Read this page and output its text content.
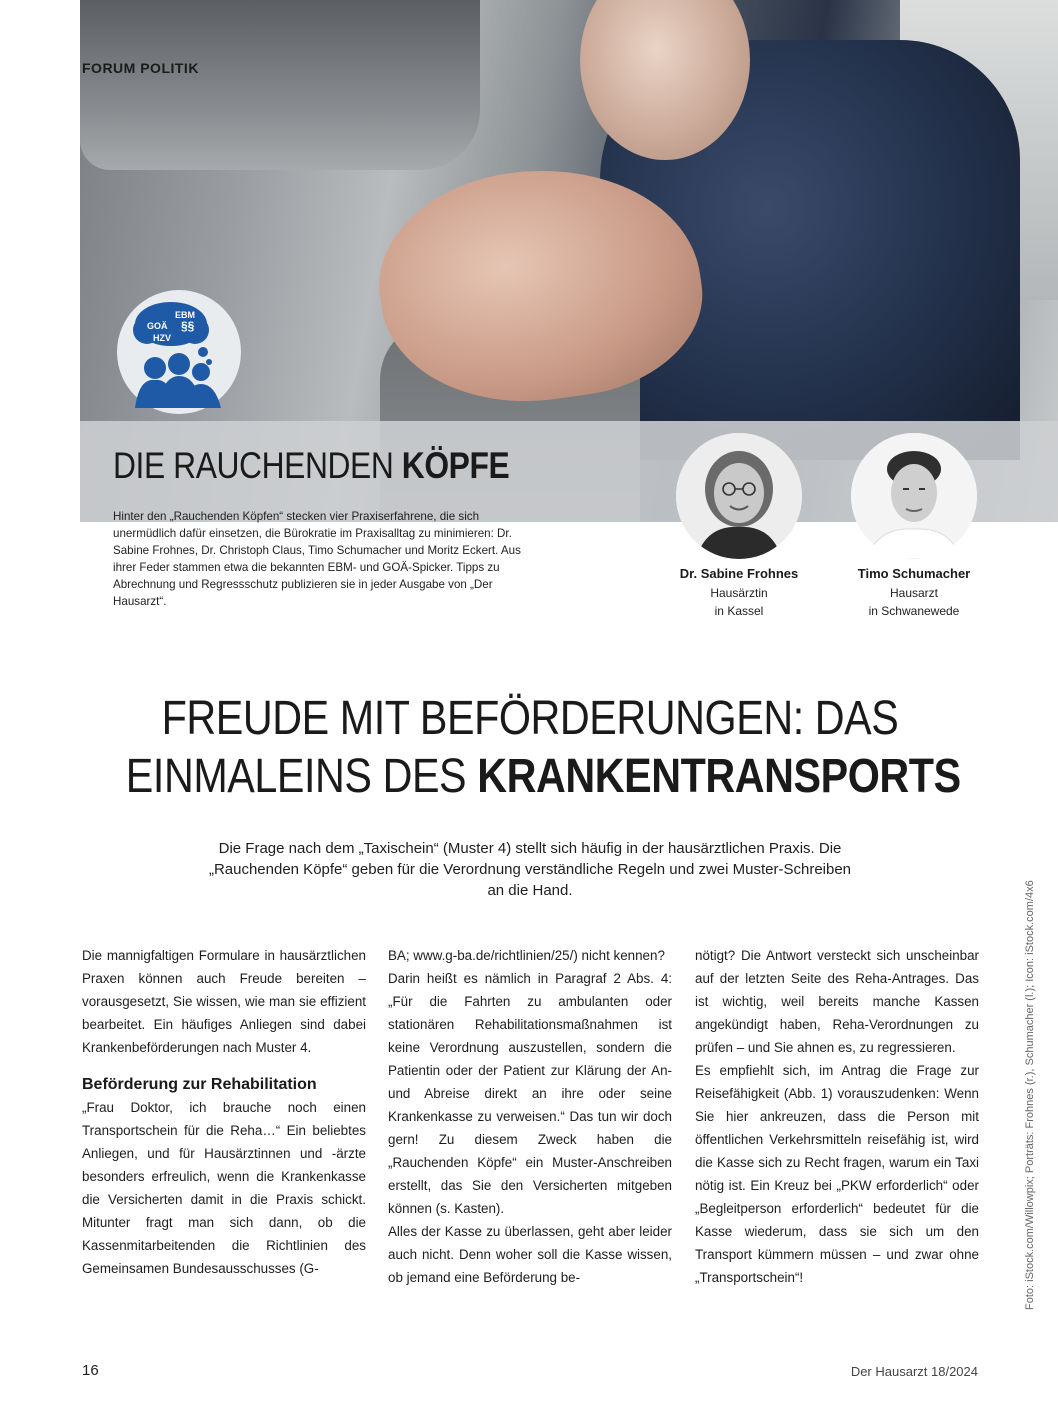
FORUM POLITIK

EBM
GOÄ §§
HZV
DIE RAUCHENDEN KÖPFE

Hinter den „Rauchenden Köpfen“ stecken vier Praxiserfahrene, die sich unermüdlich dafür einsetzen, die Bürokratie im Praxisalltag zu minimieren: Dr. Sabine Frohnes, Dr. Christoph Claus, Timo Schumacher und Moritz Eckert. Aus ihrer Feder stammen etwa die bekannten EBM- und GOÄ-Spicker. Tipps zu Abrechnung und Regressschutz publizieren sie in jeder Ausgabe von „Der Hausarzt“.

Dr. Sabine Frohnes

Hausärztin
in Kassel

Timo Schumacher

Hausarzt
in Schwanewede

FREUDE MIT BEFÖRDERUNGEN: DAS
EINMALEINS DES KRANKENTRANSPORTS

Die Frage nach dem „Taxischein“ (Muster 4) stellt sich häufig in der hausärztlichen Praxis. Die „Rauchenden Köpfe“ geben für die Verordnung verständliche Regeln und zwei Muster-Schreiben an die Hand.

Die mannigfaltigen Formulare in hausärztlichen Praxen können auch Freude bereiten – vorausgesetzt, Sie wissen, wie man sie effizient bearbeitet. Ein häufiges Anliegen sind dabei Krankenbeförderungen nach Muster 4.

Beförderung zur Rehabilitation

„Frau Doktor, ich brauche noch einen Transportschein für die Reha…“ Ein beliebtes Anliegen, und für Hausärztinnen und -ärzte besonders erfreulich, wenn die Krankenkasse die Versicherten damit in die Praxis schickt. Mitunter fragt man sich dann, ob die Kassenmitarbeitenden die Richtlinien des Gemeinsamen Bundesausschusses (G-

BA; www.g-ba.de/richtlinien/25/) nicht kennen?

Darin heißt es nämlich in Paragraf 2 Abs. 4: „Für die Fahrten zu ambulanten oder stationären Rehabilitationsmaßnahmen ist keine Verordnung auszustellen, sondern die Patientin oder der Patient zur Klärung der An- und Abreise direkt an ihre oder seine Krankenkasse zu verweisen.“ Das tun wir doch gern! Zu diesem Zweck haben die „Rauchenden Köpfe“ ein Muster-Anschreiben erstellt, das Sie den Versicherten mitgeben können (s. Kasten).

Alles der Kasse zu überlassen, geht aber leider auch nicht. Denn woher soll die Kasse wissen, ob jemand eine Beförderung be-

nötigt? Die Antwort versteckt sich unscheinbar auf der letzten Seite des Reha-Antrages. Das ist wichtig, weil bereits manche Kassen angekündigt haben, Reha-Verordnungen zu prüfen – und Sie ahnen es, zu regressieren.

Es empfiehlt sich, im Antrag die Frage zur Reisefähigkeit (Abb. 1) vorauszudenken: Wenn Sie hier ankreuzen, dass die Person mit öffentlichen Verkehrsmitteln reisefähig ist, wird die Kasse sich zu Recht fragen, warum ein Taxi nötig ist. Ein Kreuz bei „PKW erforderlich“ oder „Begleitperson erforderlich“ bedeutet für die Kasse wiederum, dass sie sich um den Transport kümmern müssen – und zwar ohne „Transportschein“!	Foto: iStock.com/Willowpix; Porträts: Frohnes (r.), Schumacher (l.); Icon: iStock.com/4x6

16	Der Hausarzt 18/2024
